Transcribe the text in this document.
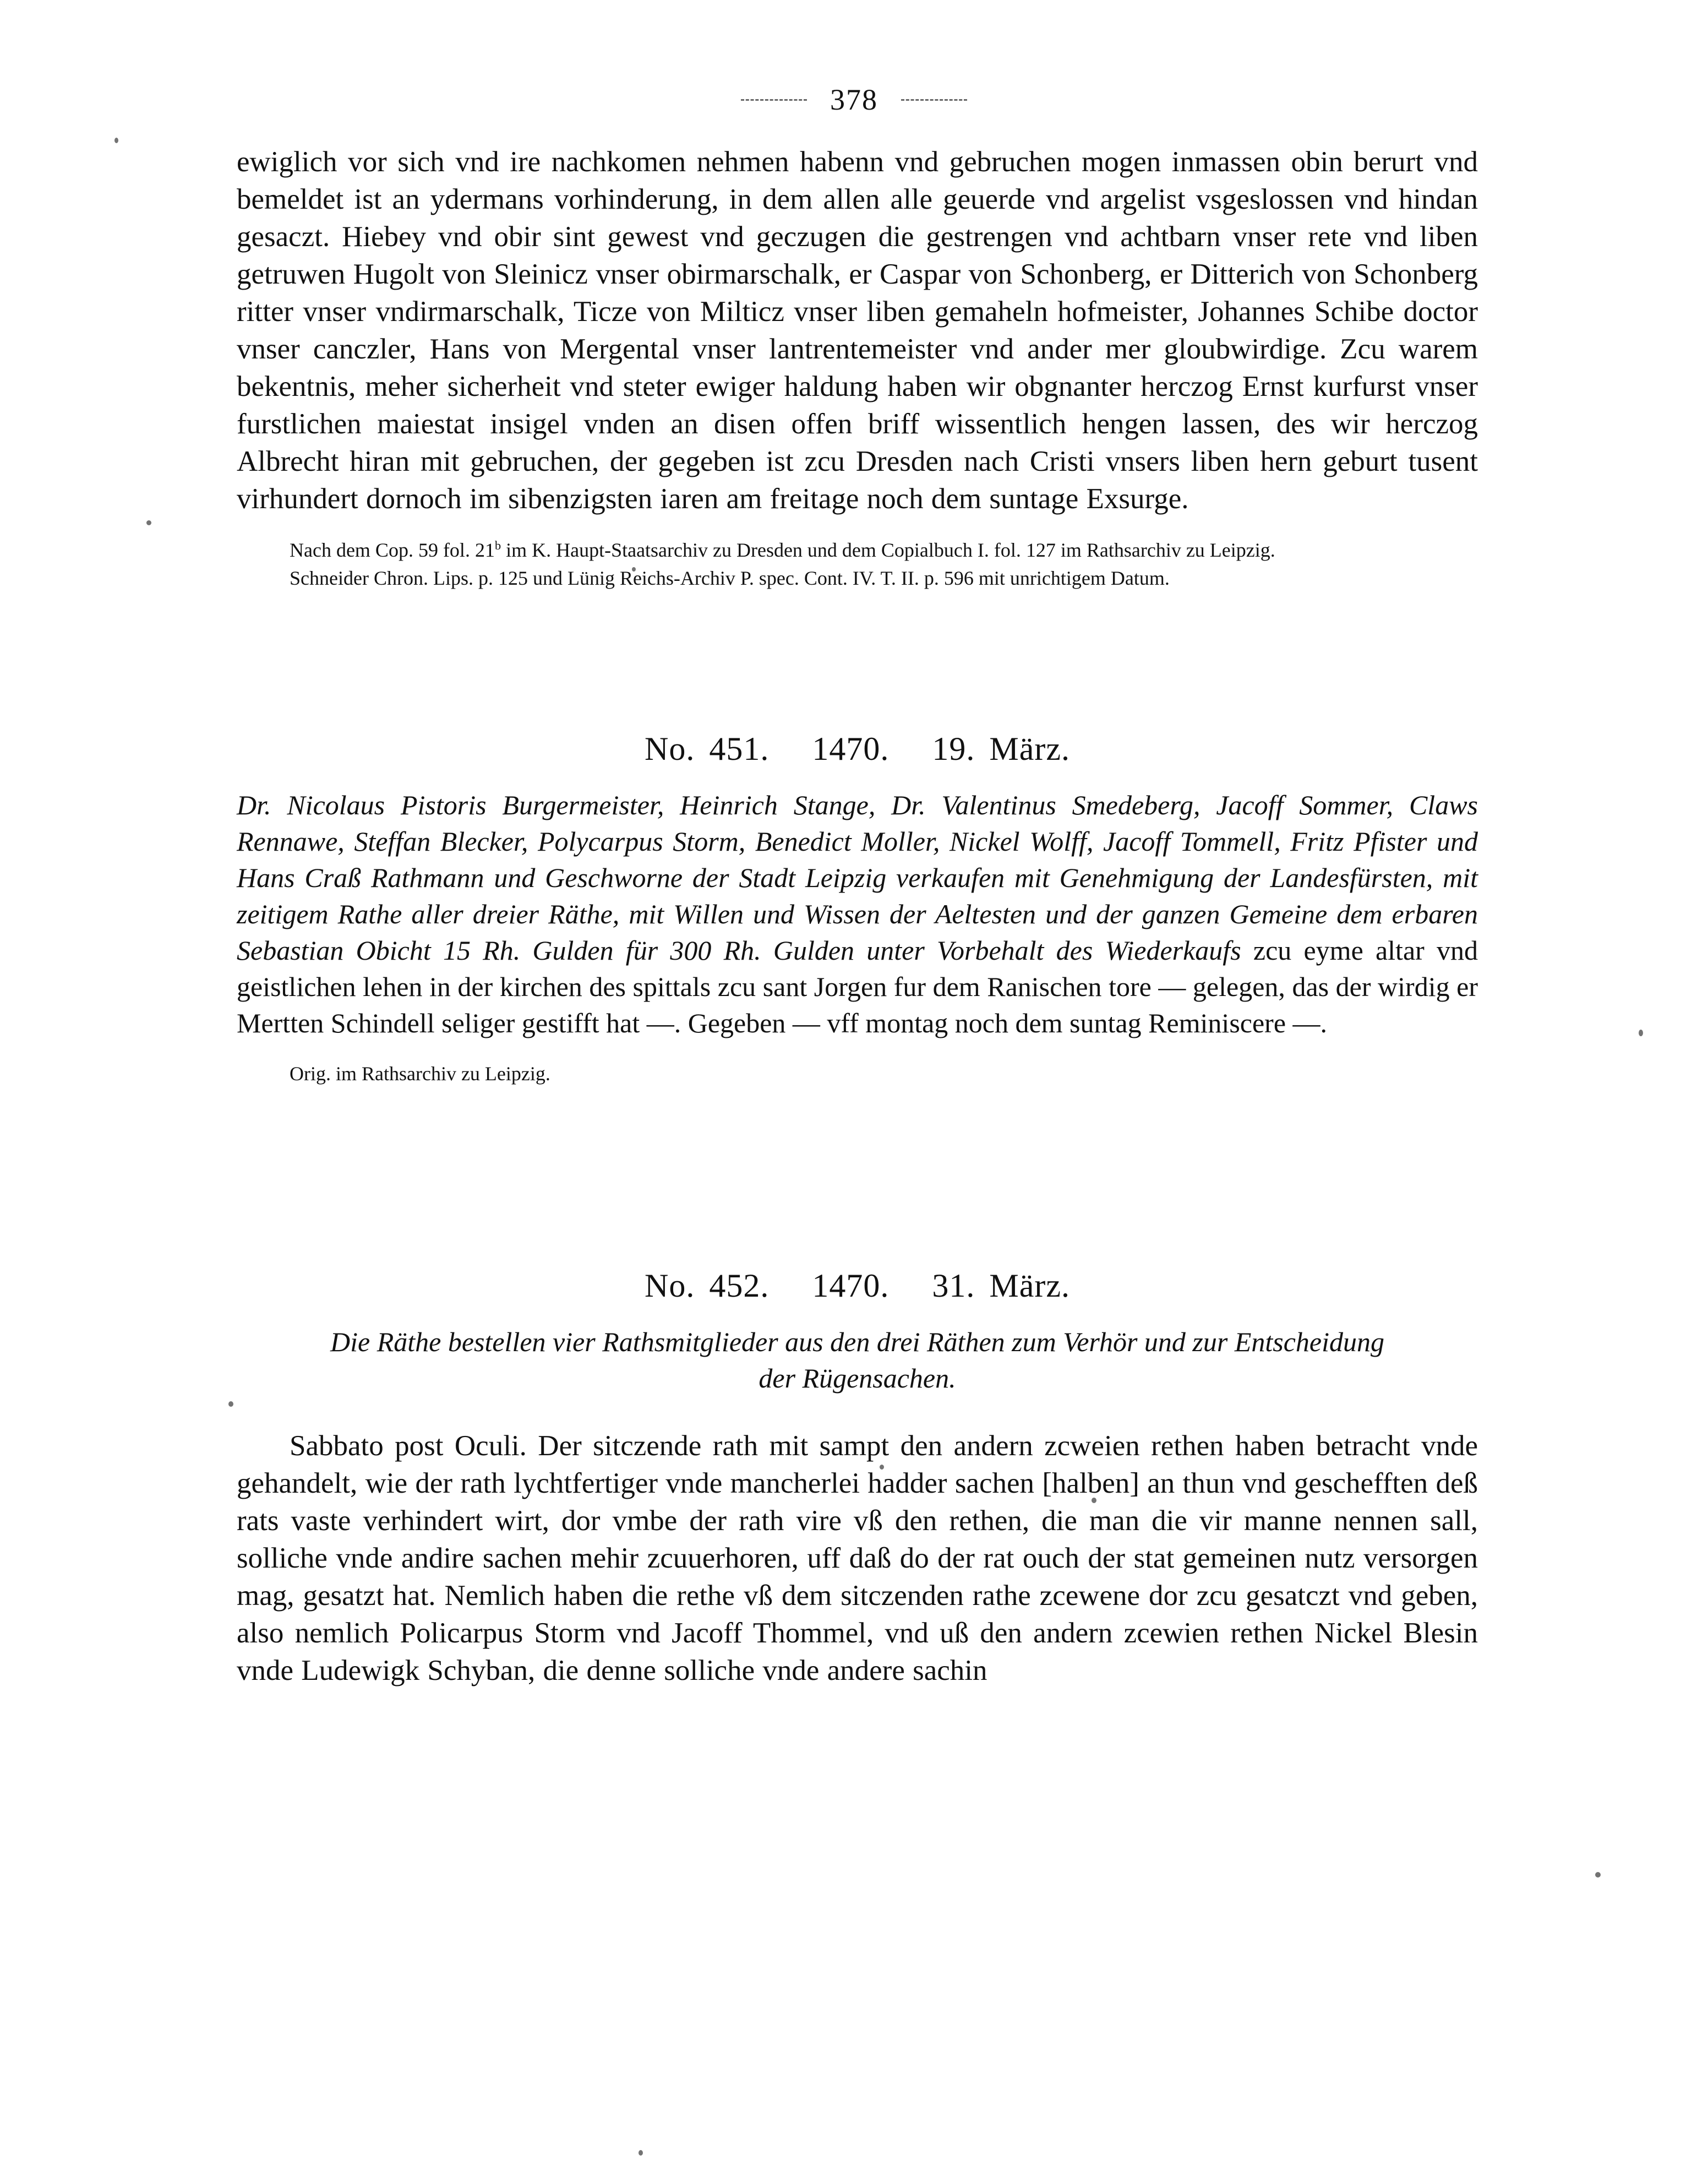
378

ewiglich vor sich vnd ire nachkomen nehmen habenn vnd gebruchen mogen inmassen obin berurt vnd bemeldet ist an ydermans vorhinderung, in dem allen alle geuerde vnd argelist vsgeslossen vnd hindan gesaczt. Hiebey vnd obir sint gewest vnd geczugen die gestrengen vnd achtbarn vnser rete vnd liben getruwen Hugolt von Sleinicz vnser obirmarschalk, er Caspar von Schonberg, er Ditterich von Schonberg ritter vnser vndirmarschalk, Ticze von Milticz vnser liben gemaheln hofmeister, Johannes Schibe doctor vnser canczler, Hans von Mergental vnser lantrentemeister vnd ander mer gloubwirdige. Zcu warem bekentnis, meher sicherheit vnd steter ewiger haldung haben wir obgnanter herczog Ernst kurfurst vnser furstlichen maiestat insigel vnden an disen offen briff wissentlich hengen lassen, des wir herczog Albrecht hiran mit gebruchen, der gegeben ist zcu Dresden nach Cristi vnsers liben hern geburt tusent virhundert dornoch im sibenzigsten iaren am freitage noch dem suntage Exsurge.

Nach dem Cop. 59 fol. 21$^b$ im K. Haupt-Staatsarchiv zu Dresden und dem Copialbuch I. fol. 127 im Rathsarchiv zu Leipzig.

Schneider Chron. Lips. p. 125 und Lünig Reichs-Archiv P. spec. Cont. IV. T. II. p. 596 mit unrichtigem Datum.

No. 451.   1470.   19. März.

Dr. Nicolaus Pistoris Burgermeister, Heinrich Stange, Dr. Valentinus Smedeberg, Jacoff Sommer, Claws Rennawe, Steffan Blecker, Polycarpus Storm, Benedict Moller, Nickel Wolff, Jacoff Tommell, Fritz Pfister und Hans Craß Rathmann und Geschworne der Stadt Leipzig verkaufen mit Genehmigung der Landesfürsten, mit zeitigem Rathe aller dreier Räthe, mit Willen und Wissen der Aeltesten und der ganzen Gemeine dem erbaren Sebastian Obicht 15 Rh. Gulden für 300 Rh. Gulden unter Vorbehalt des Wiederkaufs zcu eyme altar vnd geistlichen lehen in der kirchen des spittals zcu sant Jorgen fur dem Ranischen tore — gelegen, das der wirdig er Mertten Schindell seliger gestifft hat —. Gegeben — vff montag noch dem suntag Reminiscere —.

Orig. im Rathsarchiv zu Leipzig.

No. 452.   1470.   31. März.

Die Räthe bestellen vier Rathsmitglieder aus den drei Räthen zum Verhör und zur Entscheidung

der Rügensachen.

Sabbato post Oculi. Der sitczende rath mit sampt den andern zcweien rethen haben betracht vnde gehandelt, wie der rath lychtfertiger vnde mancherlei hadder sachen [halben] an thun vnd geschefften deß rats vaste verhindert wirt, dor vmbe der rath vire vß den rethen, die man die vir manne nennen sall, solliche vnde andire sachen mehir zcuuerhoren, uff daß do der rat ouch der stat gemeinen nutz versorgen mag, gesatzt hat. Nemlich haben die rethe vß dem sitczenden rathe zcewene dor zcu gesatczt vnd geben, also nemlich Policarpus Storm vnd Jacoff Thommel, vnd uß den andern zcewien rethen Nickel Blesin vnde Ludewigk Schyban, die denne solliche vnde andere sachin
